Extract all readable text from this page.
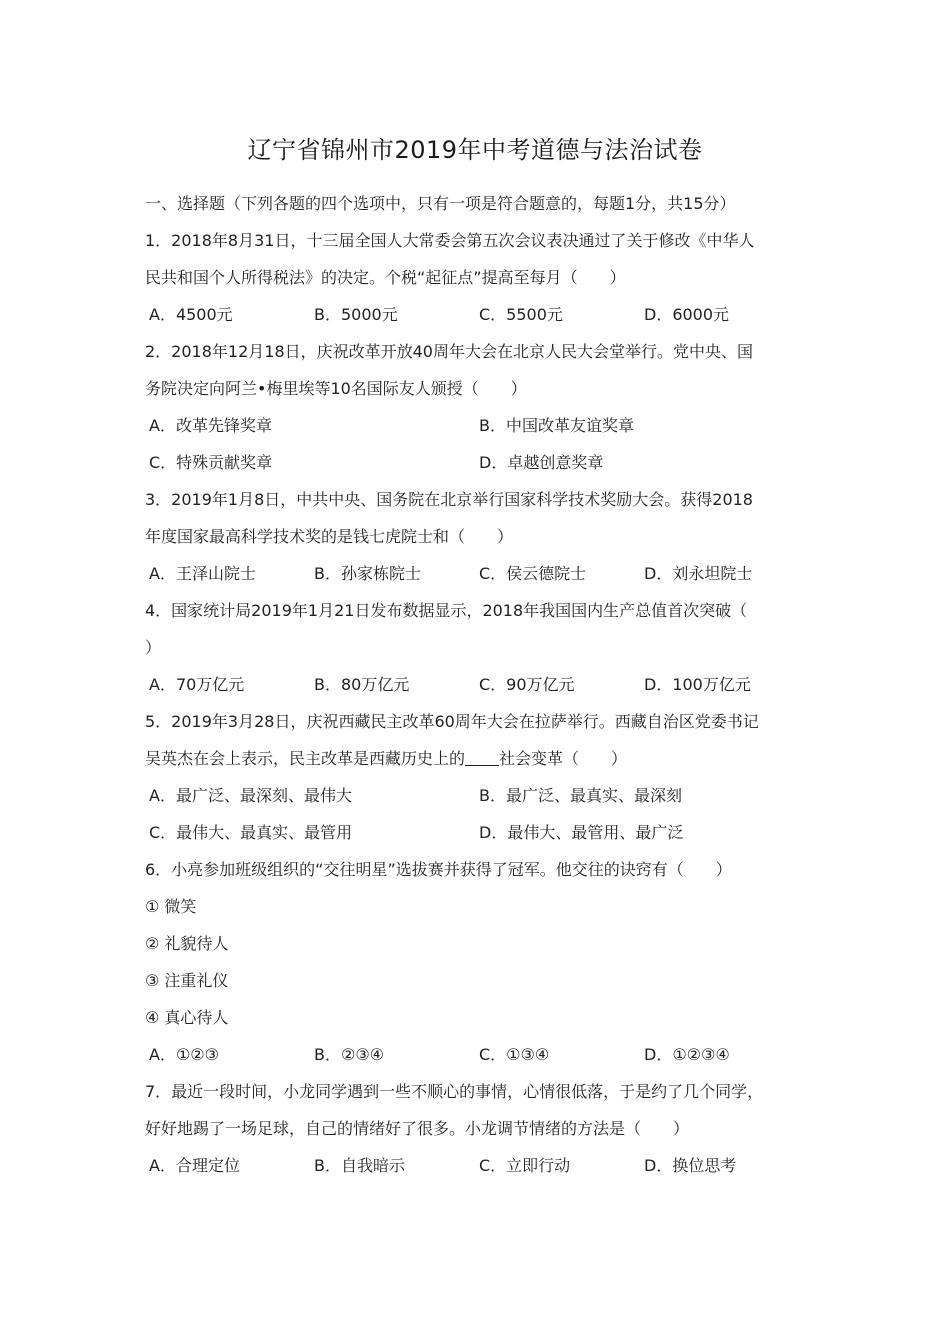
辽宁省锦州市2019年中考道德与法治试卷
一、选择题（下列各题的四个选项中，只有一项是符合题意的，每题1分，共15分）
1．2018年8月31日，十三届全国人大常委会第五次会议表决通过了关于修改《中华人
民共和国个人所得税法》的决定。个税“起征点”提高至每月（　　）
A．4500元	B．5000元	C．5500元	D．6000元
2．2018年12月18日，庆祝改革开放40周年大会在北京人民大会堂举行。党中央、国
务院决定向阿兰•梅里埃等10名国际友人颁授（　　）
A．改革先锋奖章	B．中国改革友谊奖章
C．特殊贡献奖章	D．卓越创意奖章
3．2019年1月8日，中共中央、国务院在北京举行国家科学技术奖励大会。获得2018
年度国家最高科学技术奖的是钱七虎院士和（　　）
A．王泽山院士	B．孙家栋院士	C．侯云德院士	D．刘永坦院士
4．国家统计局2019年1月21日发布数据显示，2018年我国国内生产总值首次突破（
）
A．70万亿元	B．80万亿元	C．90万亿元	D．100万亿元
5．2019年3月28日，庆祝西藏民主改革60周年大会在拉萨举行。西藏自治区党委书记
吴英杰在会上表示，民主改革是西藏历史上的 社会变革（　　）
A．最广泛、最深刻、最伟大	B．最广泛、最真实、最深刻
C．最伟大、最真实、最管用	D．最伟大、最管用、最广泛
6．小亮参加班级组织的“交往明星”选拔赛并获得了冠军。他交往的诀窍有（　　）
① 微笑
② 礼貌待人
③ 注重礼仪
④ 真心待人
A．①②③	B．②③④	C．①③④	D．①②③④
7．最近一段时间，小龙同学遇到一些不顺心的事情，心情很低落，于是约了几个同学，
好好地踢了一场足球，自己的情绪好了很多。小龙调节情绪的方法是（　　）
A．合理定位	B．自我暗示	C．立即行动	D．换位思考
